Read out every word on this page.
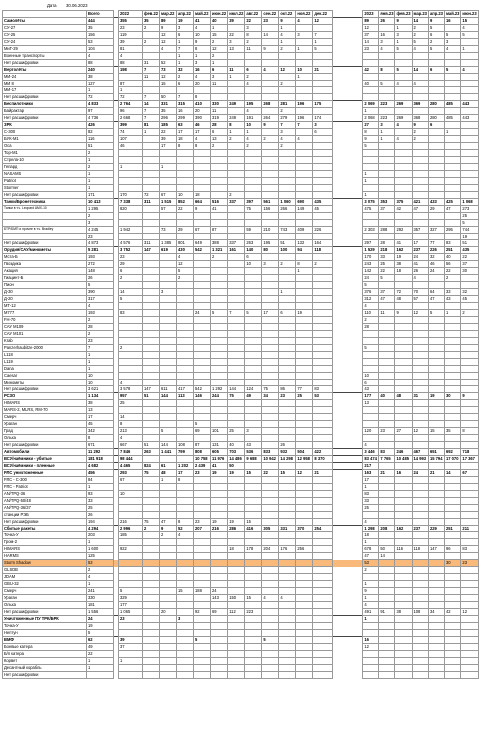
Дата 30.06.2023
	Всего		2022	фев.22	мар.22	апр.22	май.22	июн.22	июл.22	авг.22	сен.22	окт.22	ноя.22	дек.22		2023	янв.23	фев.23	мар.23	апр.23	май.23	июн.23
Самолёты	444		355	35	89	19	41	40	39	22	23	9	4	12		89	26	9	14	9	16	15
СУ-27	35		23	2	9	3	4	1		3		1				12		1	2	5		4
СУ-25	156		119		12	6	10	15	22	8	14	4	3	7		37	16	3	2	6	5	5
СУ-24	53		39	2	12	1	9	2	3	2		1		1		14	3	1	5	2	3	
МиГ-29	104		81		4	7	8	12	13	11	9	2	1	5		23	4	5	4	5	4	1
Военные транспорты	4		4			1	1	2														
Нет расшифровки	88		88	31	52	1	3	1														
Вертолёты	240		198	7	73	32	16	6	11	6	4	12	10	21		42	8	5	14	6	5	4
МИ-24	38			11	12	2	4	3	1	2			1									
МИ 8	127		87		15	6	20	11		4		2				40	5	4	4			
МИ-17	1		1																			
Нет расшифровки	72		72	7	50	7	8															
Беспилотники	4 833		2 764	14	331	315	410	330	249	195	268	281	196	175		2 069	223	269	369	280	485	443
Байрактар	97		96	7	35	16	20	11		4		2				1						
Нет расшифровки	4 736		2 668	7	296	299	390	319	249	191	264	279	196	174		2 068	223	269	368	280	485	443
ЗРК	426		399	81	185	63	46	28	8	10	9	7	7	3		27	3	4	9	6		
С-300	82		74	1	22	17	17	6	1	1		3		6		8	1		2		1	
БУК-М1	116		107		39	18	4	13	2	4	2	4	4			9	1	4	2			
Оса	51		46		17	8	8	2		2		2				5						
Тор-М1	2																					
Стрела-10	1																					
Гепард	2		1		1																	
NASAMS	1															1						
Patriot	1															1						
Stormer	1																					
Нет расшифровки	171		170	72	67	10	18		2							1						
Танки/Бронетехника	10 413		7 338	311	1 515	852	664	516	337	397	561	1 060	690	435		3 075	353	375	421	433	425	1 068
Танки в т.ч. Leopard AMX-10	1 295		820		57	22	9	41		75	156	266	149	45		475	37	42	47	29	47	273
	2																					25
	3																					5
БТР/БМП и прочее в т.ч. Bradley	4 245		1 942		73	29	67	87		59	210	743	409	226		2 303	288	292	357	327	295	744
	23																					19
Нет расшифровки	4 873		4 576	311	1 385	801	649	388	337	263	195	51	132	164		297	28	41	17	77	83	51
Орудия/САУ/минометы	5 281		3 752	147	619	430	542	1 321	161	140	80	100	94	118		1 529	218	162	237	226	251	435
Мста-Б	193		23			4		2		6						170	33	19	24	32	40	22
Гвоздика	272		29			12				10	3	2	8	2		243	25	38	41	46	56	37
Акация	148		6			5							1			142	22	18	26	24	22	30
Гиацинт-Б	26		2			2										24	5		4		2	
Пион	5															5						
Д-30	390		14		3							1				376	37	72	70	64	33	32
Д-20	317		5													312	47	48	57	47	43	45
МТ-12	4															4						
М777	193		83				24	5	7	5	17	6	19			110	11	9	12	5	1	2
FH-70	2															2						
САУ М109	28															28						
САУ М101	2																					
Krab	23																					
Panzerhaubitze-2000	7		2													5						
L118	1																					
L119	1																					
Dana	1																					
Caesar	10															10						
Минометы	10		4													6						
Нет расшифровки	3 621		3 578	147	611	417	542	1 292	144	124	75	86	77	83		43						
РСЗО	1 134		957	51	144	113	146	244	75	49	34	23	25	53		177	40	48	31	19	30	9
HIMARS	38		25													13						
MARS-2, MLRS, RM-70	13																					
Смерч	17		14																			
Ураган	45		8				5															
Град	342		213		5		69	101	25	3						120	23	27	12	15	35	8
Ольха	8		4																			
Нет расшифровки	671		667	51	144	108	87	131	40	43		26				4						
Автомобили	11 292		7 846	263	1 441	799	808	605	703	536	833	932	504	422		3 446	83	246	467	651	692	718
ВСУ/наёмники - убитые	181 918		98 444				10 758	11 976	14 486	9 688	10 942	14 298	12 958	8 370		83 474	7 765	10 485	14 993	15 794	17 070	17 367
ВСУ/наёмники - пленные	4 682		4 465	824	61	1 202	2 439	41	50							217						
РЛС уничтоженные	456		293	75	48	17	23	19	19	15	22	15	12	21		163	21	16	24	21	14	67
РЛС - С-300	84		67		1	8										17						
РЛС - Patriot	1															1						
AN/TPQ-36	93		10													83						
AN/TPQ-50/48	33															33						
AN/TPQ-36/37	25															25						
станции РЭБ	26																					
Нет расшифровки	194		216	75	47	8	23	19	19	15						4						
Сбитые ракеты	4 294		2 996	2	9	52	207	216	286	416	305	331	370	254		1 298	208	162	237	229	251	211
Точка-У	203		185		2	4										18						
Гром-2	1															1						
HIMARS	1 600		922						18	178	204	176	256			678	50	116	118	147	96	83
HARMS	125															47	14					
Storm Shadow	53															53					30	23
GLSDB	2															2						
JDAM	4																					
GBU-32	1															1						
Смерч	241		5			15	188	24								9						
Ураган	330		329					143	150	15	4	4				1						
Ольха	181		177													4						
Нет расшифровки	1 556		1 065		20		92	69	112	223						491	91	38	108	34	42	12
Уничтоженные ПУ ТРК/БРК	24		23			3										1						
Точка-У	19																					
Нептун	5																					
ВМФ	62		39				5				5					16						
Боевые катера	49		37													12						
Б/п катера	22																					
Корвет	1		1																			
Десантный корабль	1																					
Нет расшифровки																						
